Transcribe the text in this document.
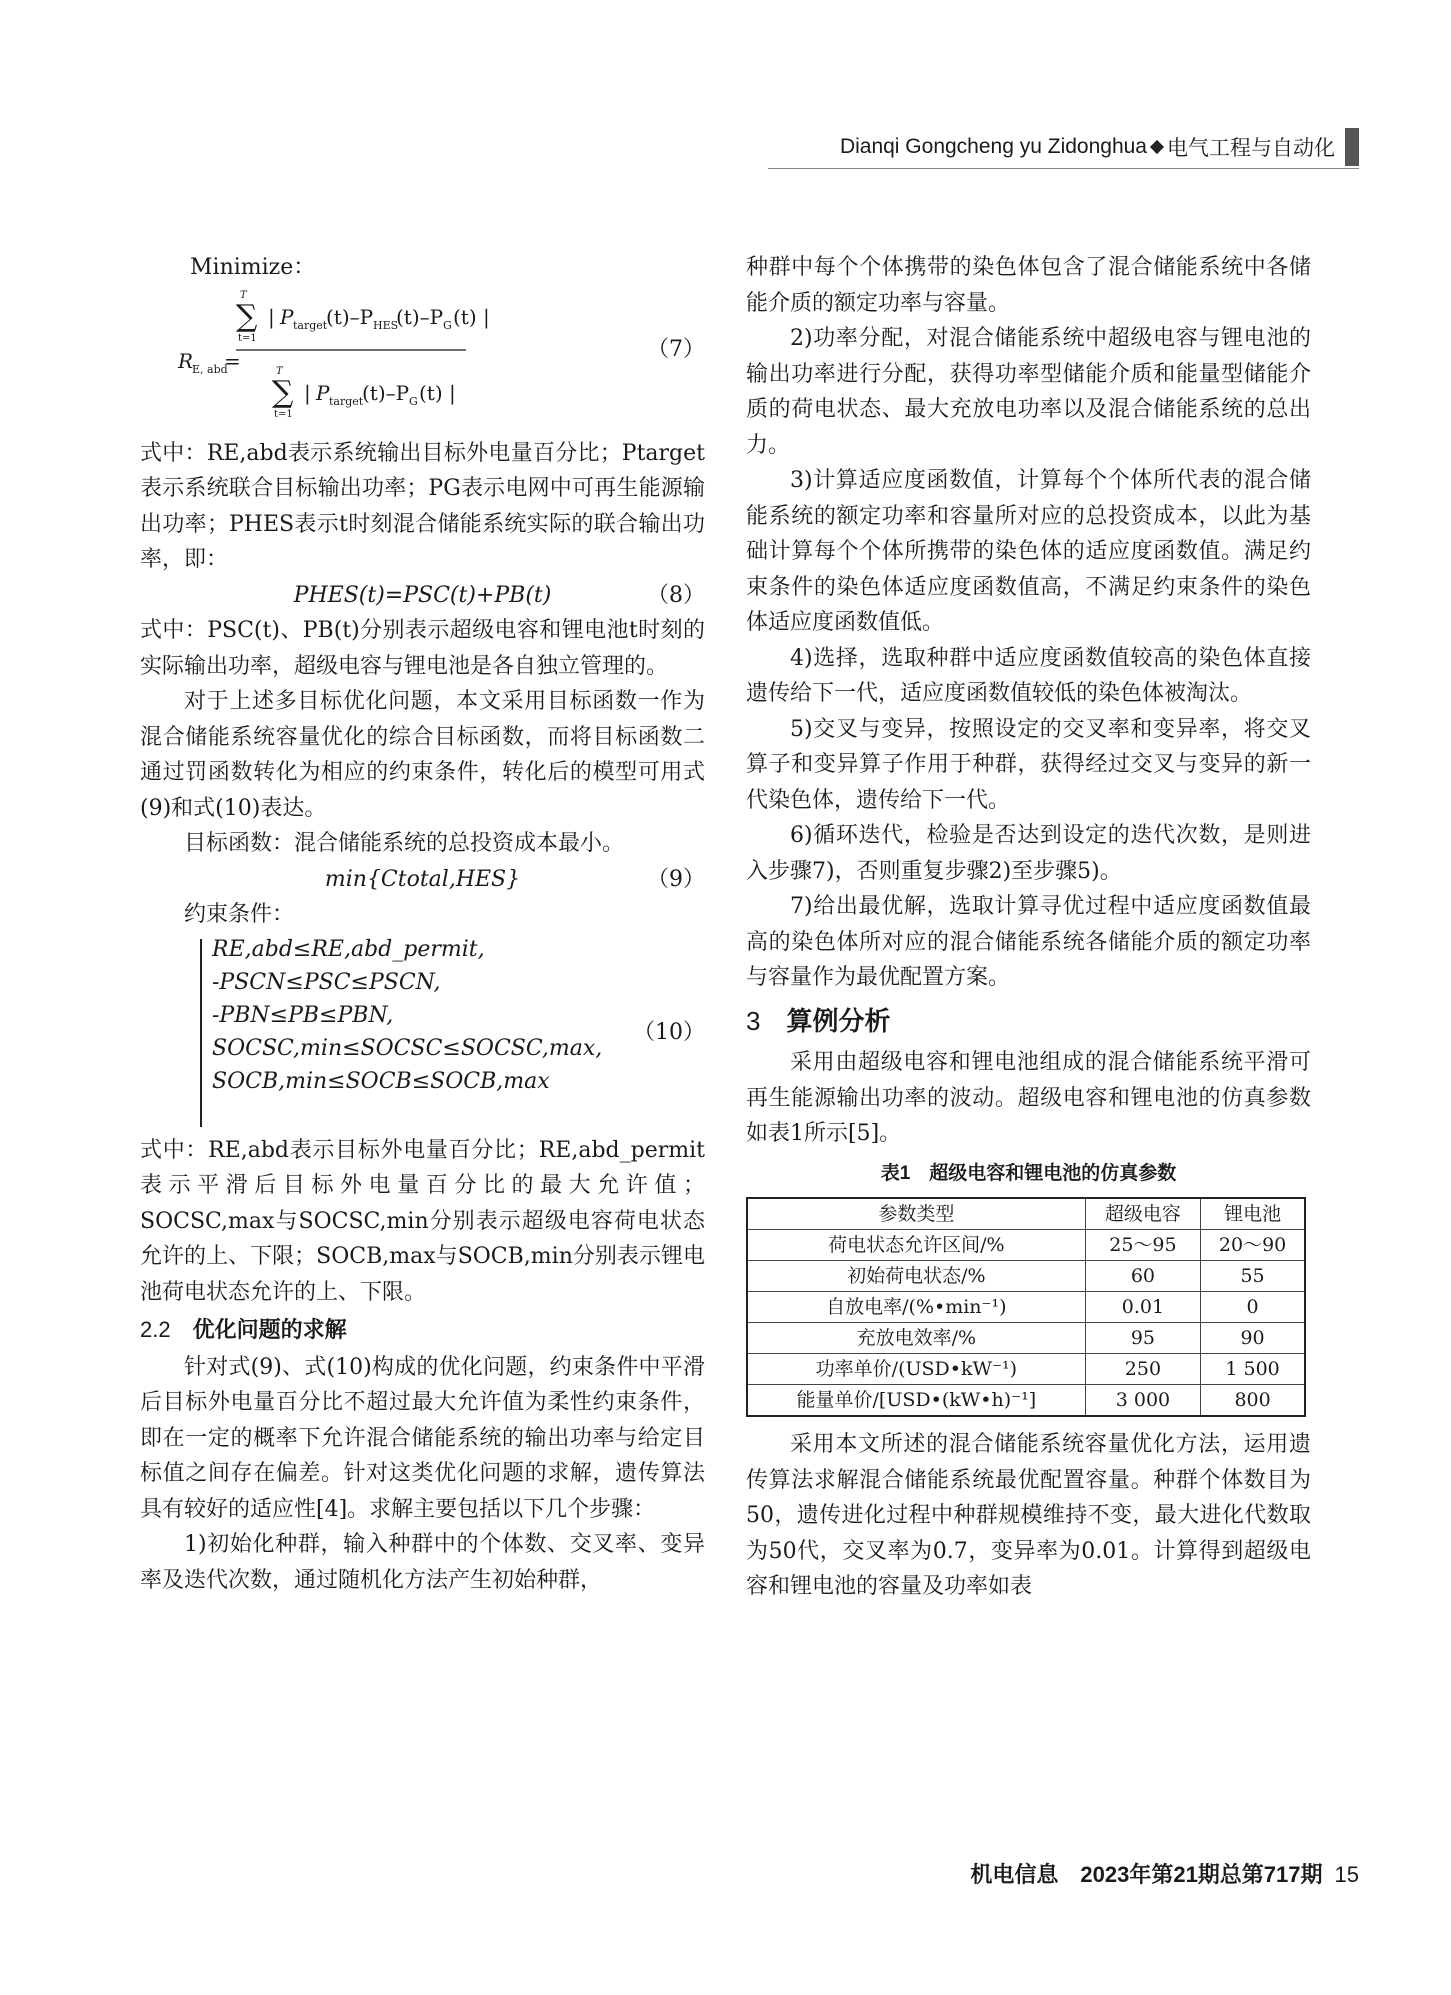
Dianqi Gongcheng yu Zidonghua 电气工程与自动化

Minimize：

R
E, abd
=
T
∑
t=1
| P target
(t)–P HES
(t)–P G (t) |
T
∑
t=1
| P target
(t)–P G (t) |
（7）

式中：RE,abd表示系统输出目标外电量百分比；Ptarget表示系统联合目标输出功率；PG表示电网中可再生能源输出功率；PHES表示t时刻混合储能系统实际的联合输出功率，即：

PHES(t)=PSC(t)+PB(t)	（8）

式中：PSC(t)、PB(t)分别表示超级电容和锂电池t时刻的实际输出功率，超级电容与锂电池是各自独立管理的。

对于上述多目标优化问题，本文采用目标函数一作为混合储能系统容量优化的综合目标函数，而将目标函数二通过罚函数转化为相应的约束条件，转化后的模型可用式(9)和式(10)表达。

目标函数：混合储能系统的总投资成本最小。

min{Ctotal,HES}	（9）

约束条件：

RE,abd≤RE,abd_permit,
-PSCN≤PSC≤PSCN,
-PBN≤PB≤PBN,
SOCSC,min≤SOCSC≤SOCSC,max,
SOCB,min≤SOCB≤SOCB,max
（10）

式中：RE,abd表示目标外电量百分比；RE,abd_permit表示平滑后目标外电量百分比的最大允许值；SOCSC,max与SOCSC,min分别表示超级电容荷电状态允许的上、下限；SOCB,max与SOCB,min分别表示锂电池荷电状态允许的上、下限。

2.2 优化问题的求解

针对式(9)、式(10)构成的优化问题，约束条件中平滑后目标外电量百分比不超过最大允许值为柔性约束条件，即在一定的概率下允许混合储能系统的输出功率与给定目标值之间存在偏差。针对这类优化问题的求解，遗传算法具有较好的适应性[4]。求解主要包括以下几个步骤：

1)初始化种群，输入种群中的个体数、交叉率、变异率及迭代次数，通过随机化方法产生初始种群，

种群中每个个体携带的染色体包含了混合储能系统中各储能介质的额定功率与容量。

2)功率分配，对混合储能系统中超级电容与锂电池的输出功率进行分配，获得功率型储能介质和能量型储能介质的荷电状态、最大充放电功率以及混合储能系统的总出力。

3)计算适应度函数值，计算每个个体所代表的混合储能系统的额定功率和容量所对应的总投资成本，以此为基础计算每个个体所携带的染色体的适应度函数值。满足约束条件的染色体适应度函数值高，不满足约束条件的染色体适应度函数值低。

4)选择，选取种群中适应度函数值较高的染色体直接遗传给下一代，适应度函数值较低的染色体被淘汰。

5)交叉与变异，按照设定的交叉率和变异率，将交叉算子和变异算子作用于种群，获得经过交叉与变异的新一代染色体，遗传给下一代。

6)循环迭代，检验是否达到设定的迭代次数，是则进入步骤7)，否则重复步骤2)至步骤5)。

7)给出最优解，选取计算寻优过程中适应度函数值最高的染色体所对应的混合储能系统各储能介质的额定功率与容量作为最优配置方案。

3 算例分析

采用由超级电容和锂电池组成的混合储能系统平滑可再生能源输出功率的波动。超级电容和锂电池的仿真参数如表1所示[5]。

表1　超级电容和锂电池的仿真参数
参数类型	超级电容	锂电池
荷电状态允许区间/%	25～95	20～90
初始荷电状态/%	60	55
自放电率/(%•min⁻¹)	0.01	0
充放电效率/%	95	90
功率单价/(USD•kW⁻¹)	250	1 500
能量单价/[USD•(kW•h)⁻¹]	3 000	800

采用本文所述的混合储能系统容量优化方法，运用遗传算法求解混合储能系统最优配置容量。种群个体数目为50，遗传进化过程中种群规模维持不变，最大进化代数取为50代，交叉率为0.7，变异率为0.01。计算得到超级电容和锂电池的容量及功率如表

机电信息　2023年第21期总第717期 15
